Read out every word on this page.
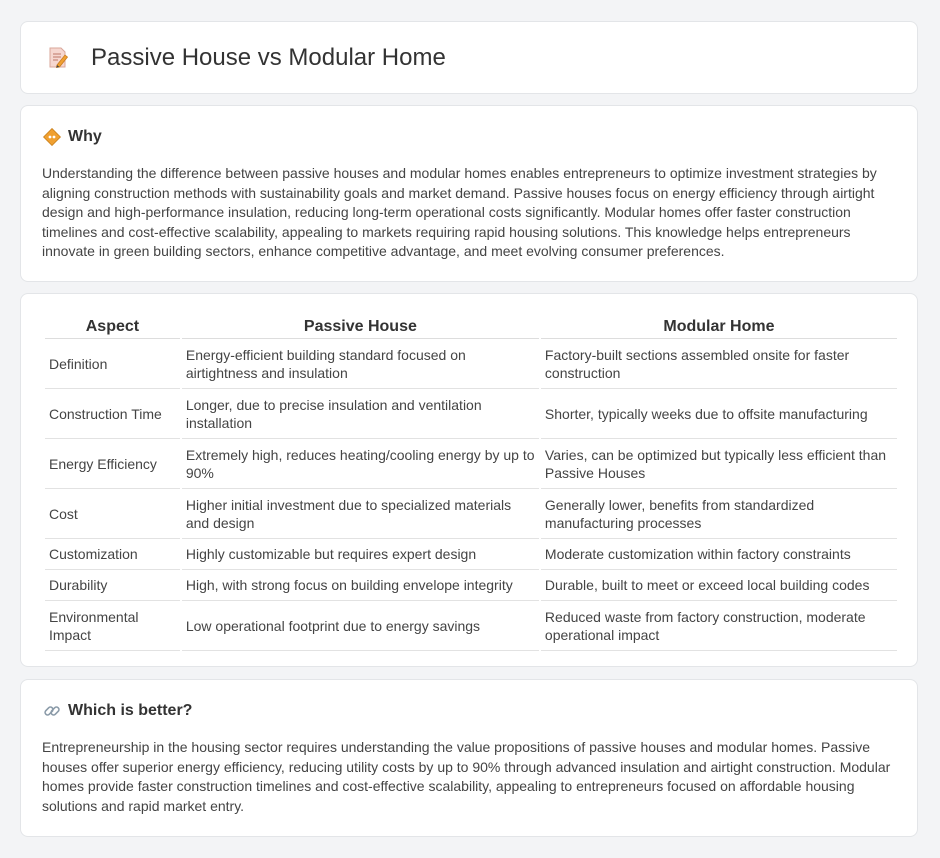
Passive House vs Modular Home
Why
Understanding the difference between passive houses and modular homes enables entrepreneurs to optimize investment strategies by aligning construction methods with sustainability goals and market demand. Passive houses focus on energy efficiency through airtight design and high-performance insulation, reducing long-term operational costs significantly. Modular homes offer faster construction timelines and cost-effective scalability, appealing to markets requiring rapid housing solutions. This knowledge helps entrepreneurs innovate in green building sectors, enhance competitive advantage, and meet evolving consumer preferences.
Aspect	Passive House	Modular Home
Definition	Energy-efficient building standard focused on airtightness and insulation	Factory-built sections assembled onsite for faster construction
Construction Time	Longer, due to precise insulation and ventilation installation	Shorter, typically weeks due to offsite manufacturing
Energy Efficiency	Extremely high, reduces heating/cooling energy by up to 90%	Varies, can be optimized but typically less efficient than Passive Houses
Cost	Higher initial investment due to specialized materials and design	Generally lower, benefits from standardized manufacturing processes
Customization	Highly customizable but requires expert design	Moderate customization within factory constraints
Durability	High, with strong focus on building envelope integrity	Durable, built to meet or exceed local building codes
Environmental Impact	Low operational footprint due to energy savings	Reduced waste from factory construction, moderate operational impact
Which is better?
Entrepreneurship in the housing sector requires understanding the value propositions of passive houses and modular homes. Passive houses offer superior energy efficiency, reducing utility costs by up to 90% through advanced insulation and airtight construction. Modular homes provide faster construction timelines and cost-effective scalability, appealing to entrepreneurs focused on affordable housing solutions and rapid market entry.
